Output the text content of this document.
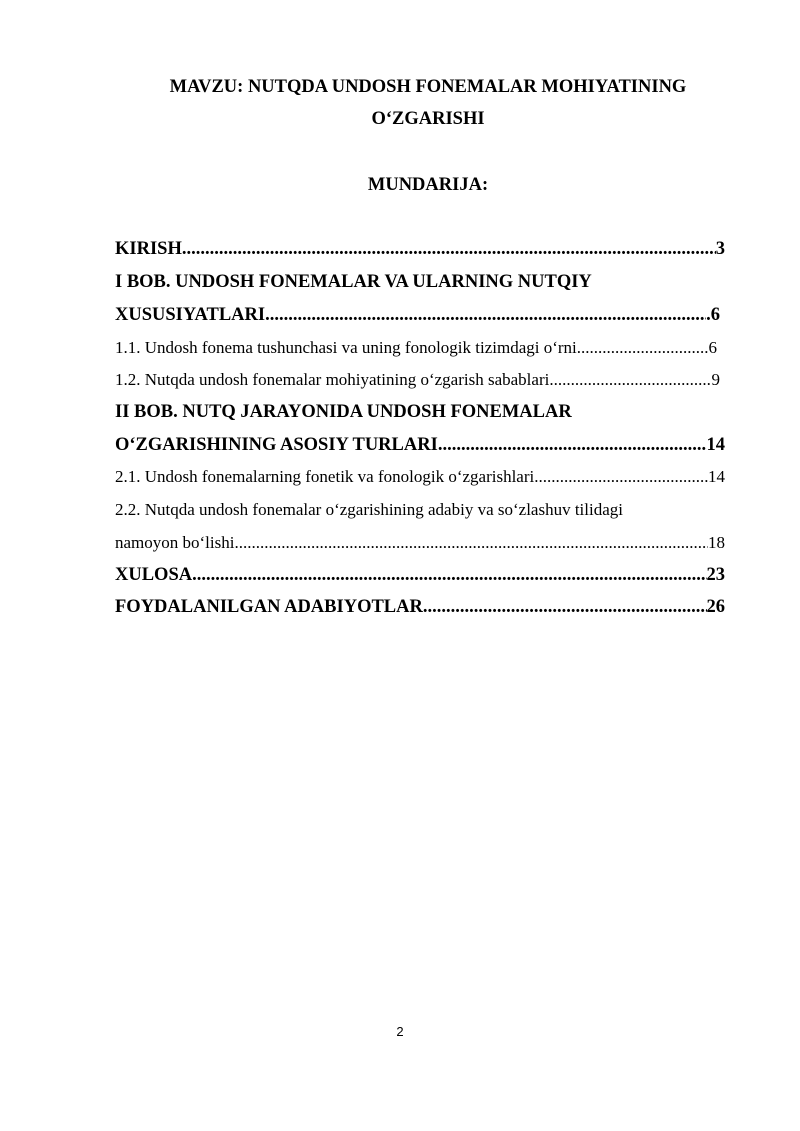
MAVZU: NUTQDA UNDOSH FONEMALAR MOHIYATINING
O‘ZGARISHI
MUNDARIJA:
KIRISH .....	3
I BOB. UNDOSH FONEMALAR VA ULARNING NUTQIY
XUSUSIYATLARI .....	.6
1.1. Undosh fonema tushunchasi va uning fonologik tizimdagi o‘rni .....	6
1.2. Nutqda undosh fonemalar mohiyatining o‘zgarish sabablari .....	9
II BOB. NUTQ JARAYONIDA UNDOSH FONEMALAR
O‘ZGARISHINING ASOSIY TURLARI .....	14
2.1. Undosh fonemalarning fonetik va fonologik o‘zgarishlari .....	14
2.2. Nutqda undosh fonemalar o‘zgarishining adabiy va so‘zlashuv tilidagi
namoyon bo‘lishi .....	18
XULOSA .....	23
FOYDALANILGAN ADABIYOTLAR .....	26
2
